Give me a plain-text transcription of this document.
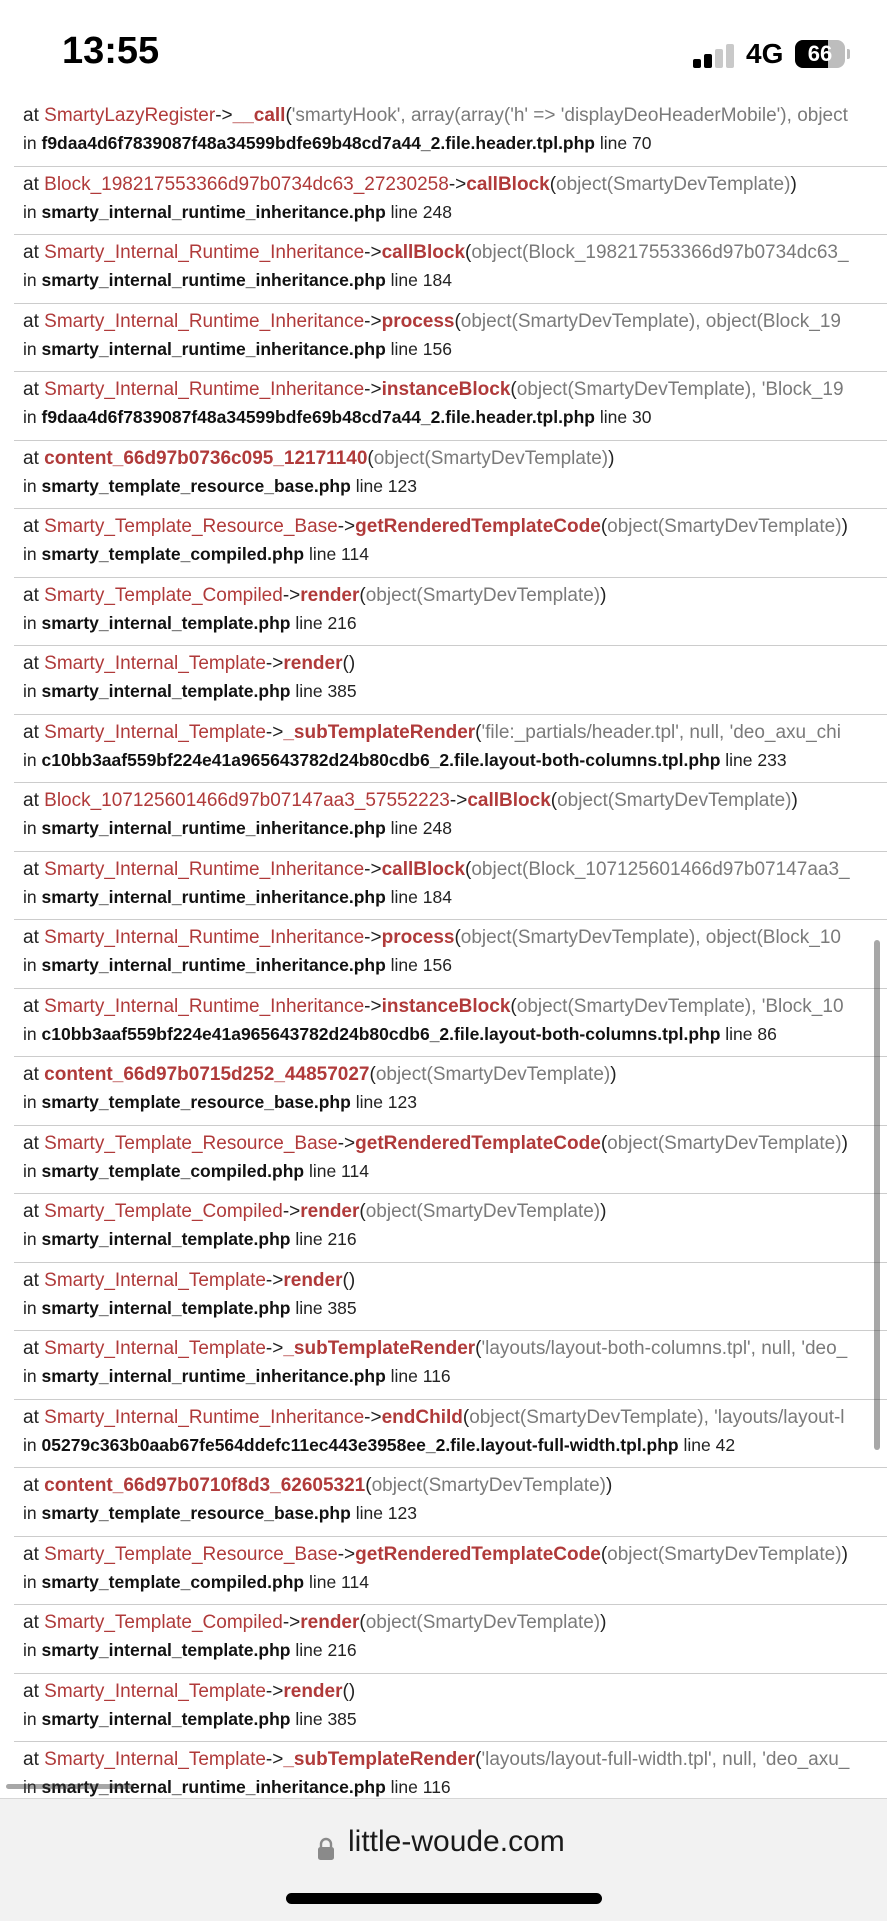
13:55	4G	66
at SmartyLazyRegister->__call('smartyHook', array(array('h' => 'displayDeoHeaderMobile'), object
in f9daa4d6f7839087f48a34599bdfe69b48cd7a44_2.file.header.tpl.php line 70
at Block_198217553366d97b0734dc63_27230258->callBlock(object(SmartyDevTemplate))
in smarty_internal_runtime_inheritance.php line 248
at Smarty_Internal_Runtime_Inheritance->callBlock(object(Block_198217553366d97b0734dc63_
in smarty_internal_runtime_inheritance.php line 184
at Smarty_Internal_Runtime_Inheritance->process(object(SmartyDevTemplate), object(Block_19
in smarty_internal_runtime_inheritance.php line 156
at Smarty_Internal_Runtime_Inheritance->instanceBlock(object(SmartyDevTemplate), 'Block_19
in f9daa4d6f7839087f48a34599bdfe69b48cd7a44_2.file.header.tpl.php line 30
at content_66d97b0736c095_12171140(object(SmartyDevTemplate))
in smarty_template_resource_base.php line 123
at Smarty_Template_Resource_Base->getRenderedTemplateCode(object(SmartyDevTemplate))
in smarty_template_compiled.php line 114
at Smarty_Template_Compiled->render(object(SmartyDevTemplate))
in smarty_internal_template.php line 216
at Smarty_Internal_Template->render()
in smarty_internal_template.php line 385
at Smarty_Internal_Template->_subTemplateRender('file:_partials/header.tpl', null, 'deo_axu_chi
in c10bb3aaf559bf224e41a965643782d24b80cdb6_2.file.layout-both-columns.tpl.php line 233
at Block_107125601466d97b07147aa3_57552223->callBlock(object(SmartyDevTemplate))
in smarty_internal_runtime_inheritance.php line 248
at Smarty_Internal_Runtime_Inheritance->callBlock(object(Block_107125601466d97b07147aa3_
in smarty_internal_runtime_inheritance.php line 184
at Smarty_Internal_Runtime_Inheritance->process(object(SmartyDevTemplate), object(Block_10
in smarty_internal_runtime_inheritance.php line 156
at Smarty_Internal_Runtime_Inheritance->instanceBlock(object(SmartyDevTemplate), 'Block_10
in c10bb3aaf559bf224e41a965643782d24b80cdb6_2.file.layout-both-columns.tpl.php line 86
at content_66d97b0715d252_44857027(object(SmartyDevTemplate))
in smarty_template_resource_base.php line 123
at Smarty_Template_Resource_Base->getRenderedTemplateCode(object(SmartyDevTemplate))
in smarty_template_compiled.php line 114
at Smarty_Template_Compiled->render(object(SmartyDevTemplate))
in smarty_internal_template.php line 216
at Smarty_Internal_Template->render()
in smarty_internal_template.php line 385
at Smarty_Internal_Template->_subTemplateRender('layouts/layout-both-columns.tpl', null, 'deo_
in smarty_internal_runtime_inheritance.php line 116
at Smarty_Internal_Runtime_Inheritance->endChild(object(SmartyDevTemplate), 'layouts/layout-l
in 05279c363b0aab67fe564ddefc11ec443e3958ee_2.file.layout-full-width.tpl.php line 42
at content_66d97b0710f8d3_62605321(object(SmartyDevTemplate))
in smarty_template_resource_base.php line 123
at Smarty_Template_Resource_Base->getRenderedTemplateCode(object(SmartyDevTemplate))
in smarty_template_compiled.php line 114
at Smarty_Template_Compiled->render(object(SmartyDevTemplate))
in smarty_internal_template.php line 216
at Smarty_Internal_Template->render()
in smarty_internal_template.php line 385
at Smarty_Internal_Template->_subTemplateRender('layouts/layout-full-width.tpl', null, 'deo_axu_
in smarty_internal_runtime_inheritance.php line 116
little-woude.com
